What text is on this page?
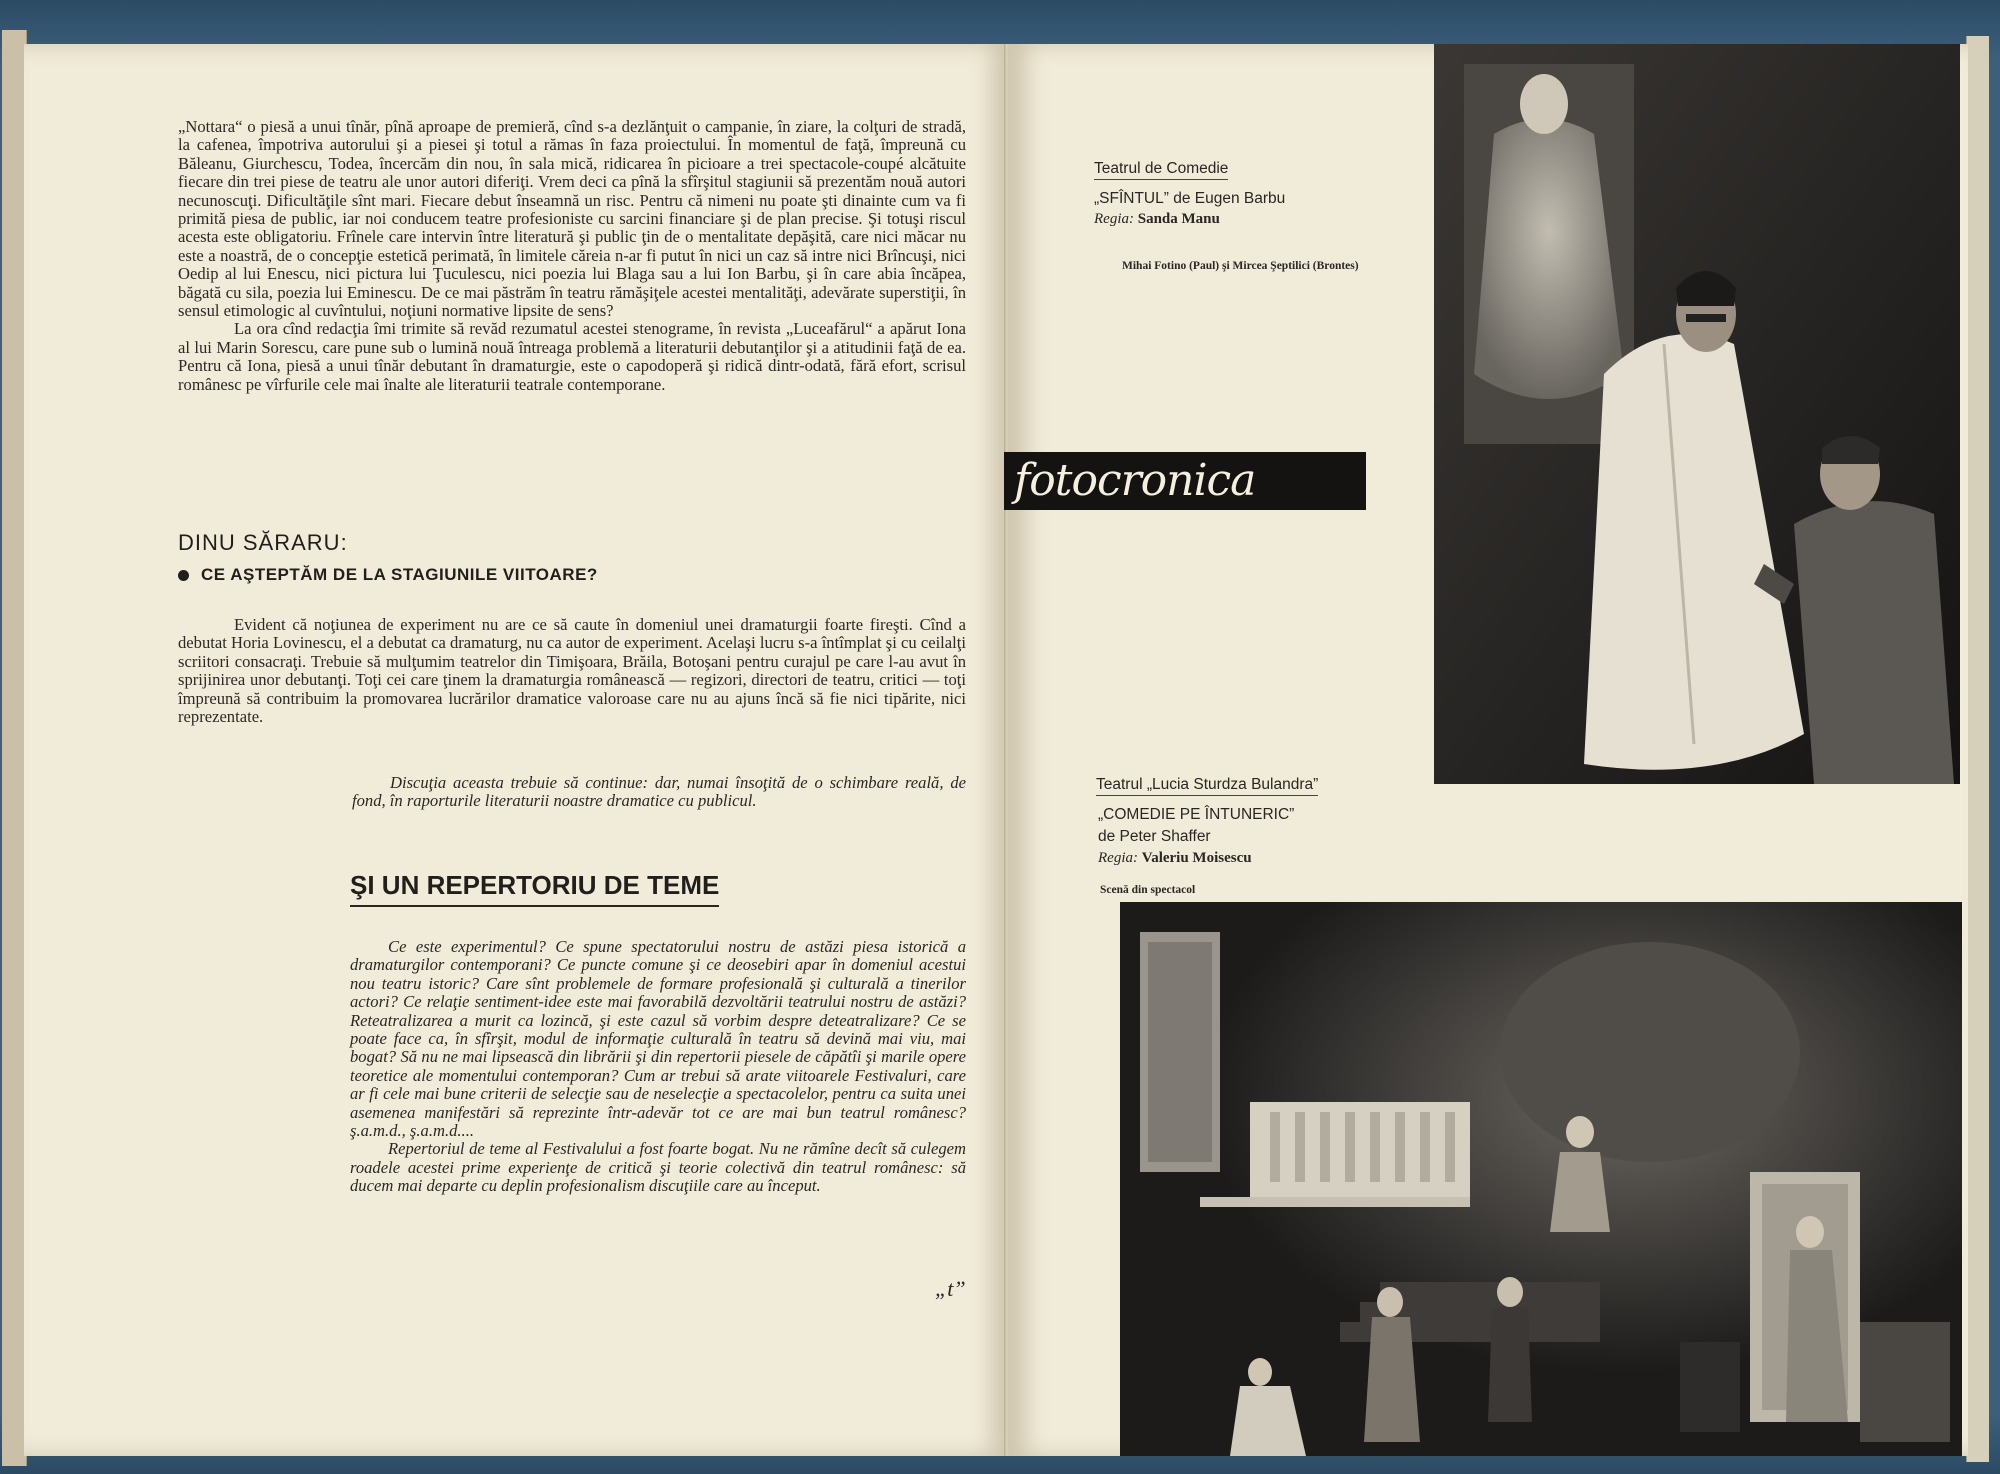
„Nottara“ o piesă a unui tînăr, pînă aproape de premieră, cînd s-a dezlănţuit o campanie, în ziare, la colţuri de stradă, la cafenea, împotriva autorului şi a piesei şi totul a rămas în faza proiectului. În momentul de faţă, împreună cu Băleanu, Giurchescu, Todea, încercăm din nou, în sala mică, ridicarea în picioare a trei spectacole-coupé alcătuite fiecare din trei piese de teatru ale unor autori diferiţi. Vrem deci ca pînă la sfîrşitul stagiunii să prezentăm nouă autori necunoscuţi. Dificultăţile sînt mari. Fiecare debut înseamnă un risc. Pentru că nimeni nu poate şti dinainte cum va fi primită piesa de public, iar noi conducem teatre profesioniste cu sarcini financiare şi de plan precise. Şi totuşi riscul acesta este obligatoriu. Frînele care intervin între literatură şi public ţin de o mentalitate depăşită, care nici măcar nu este a noastră, de o concepţie estetică perimată, în limitele căreia n-ar fi putut în nici un caz să intre nici Brîncuşi, nici Oedip al lui Enescu, nici pictura lui Ţuculescu, nici poezia lui Blaga sau a lui Ion Barbu, şi în care abia încăpea, băgată cu sila, poezia lui Eminescu. De ce mai păstrăm în teatru rămăşiţele acestei mentalităţi, adevărate superstiţii, în sensul etimologic al cuvîntului, noţiuni normative lipsite de sens?

La ora cînd redacţia îmi trimite să revăd rezumatul acestei stenograme, în revista „Luceafărul“ a apărut Iona al lui Marin Sorescu, care pune sub o lumină nouă întreaga problemă a literaturii debutanţilor şi a atitudinii faţă de ea. Pentru că Iona, piesă a unui tînăr debutant în dramaturgie, este o capodoperă şi ridică dintr-odată, fără efort, scrisul românesc pe vîrfurile cele mai înalte ale literaturii teatrale contemporane.

DINU SĂRARU:
CE AŞTEPTĂM DE LA STAGIUNILE VIITOARE?

Evident că noţiunea de experiment nu are ce să caute în domeniul unei dramaturgii foarte fireşti. Cînd a debutat Horia Lovinescu, el a debutat ca dramaturg, nu ca autor de experiment. Acelaşi lucru s-a întîmplat şi cu ceilalţi scriitori consacraţi. Trebuie să mulţumim teatrelor din Timişoara, Brăila, Botoşani pentru curajul pe care l-au avut în sprijinirea unor debutanţi. Toţi cei care ţinem la dramaturgia românească — regizori, directori de teatru, critici — toţi împreună să contribuim la promovarea lucrărilor dramatice valoroase care nu au ajuns încă să fie nici tipărite, nici reprezentate.

Discuţia aceasta trebuie să continue: dar, numai însoţită de o schimbare reală, de fond, în raporturile literaturii noastre dramatice cu publicul.

ŞI UN REPERTORIU DE TEME

Ce este experimentul? Ce spune spectatorului nostru de astăzi piesa istorică a dramaturgilor contemporani? Ce puncte comune şi ce deosebiri apar în domeniul acestui nou teatru istoric? Care sînt problemele de formare profesională şi culturală a tinerilor actori? Ce relaţie sentiment-idee este mai favorabilă dezvoltării teatrului nostru de astăzi? Reteatralizarea a murit ca lozincă, şi este cazul să vorbim despre deteatralizare? Ce se poate face ca, în sfîrşit, modul de informaţie culturală în teatru să devină mai viu, mai bogat? Să nu ne mai lipsească din librării şi din repertorii piesele de căpătîi şi marile opere teoretice ale momentului contemporan? Cum ar trebui să arate viitoarele Festivaluri, care ar fi cele mai bune criterii de selecţie sau de neselecţie a spectacolelor, pentru ca suita unei asemenea manifestări să reprezinte într-adevăr tot ce are mai bun teatrul românesc? ş.a.m.d., ş.a.m.d....

Repertoriul de teme al Festivalului a fost foarte bogat. Nu ne rămîne decît să culegem roadele acestei prime experienţe de critică şi teorie colectivă din teatrul românesc: să ducem mai departe cu deplin profesionalism discuţiile care au început.

„t”
Teatrul de Comedie
„SFÎNTUL” de Eugen Barbu
Regia: Sanda Manu
Mihai Fotino (Paul) şi Mircea Şeptilici (Brontes)
fotocronica
Teatrul „Lucia Sturdza Bulandra”
„COMEDIE PE ÎNTUNERIC”
de Peter Shaffer
Regia: Valeriu Moisescu
Scenă din spectacol
